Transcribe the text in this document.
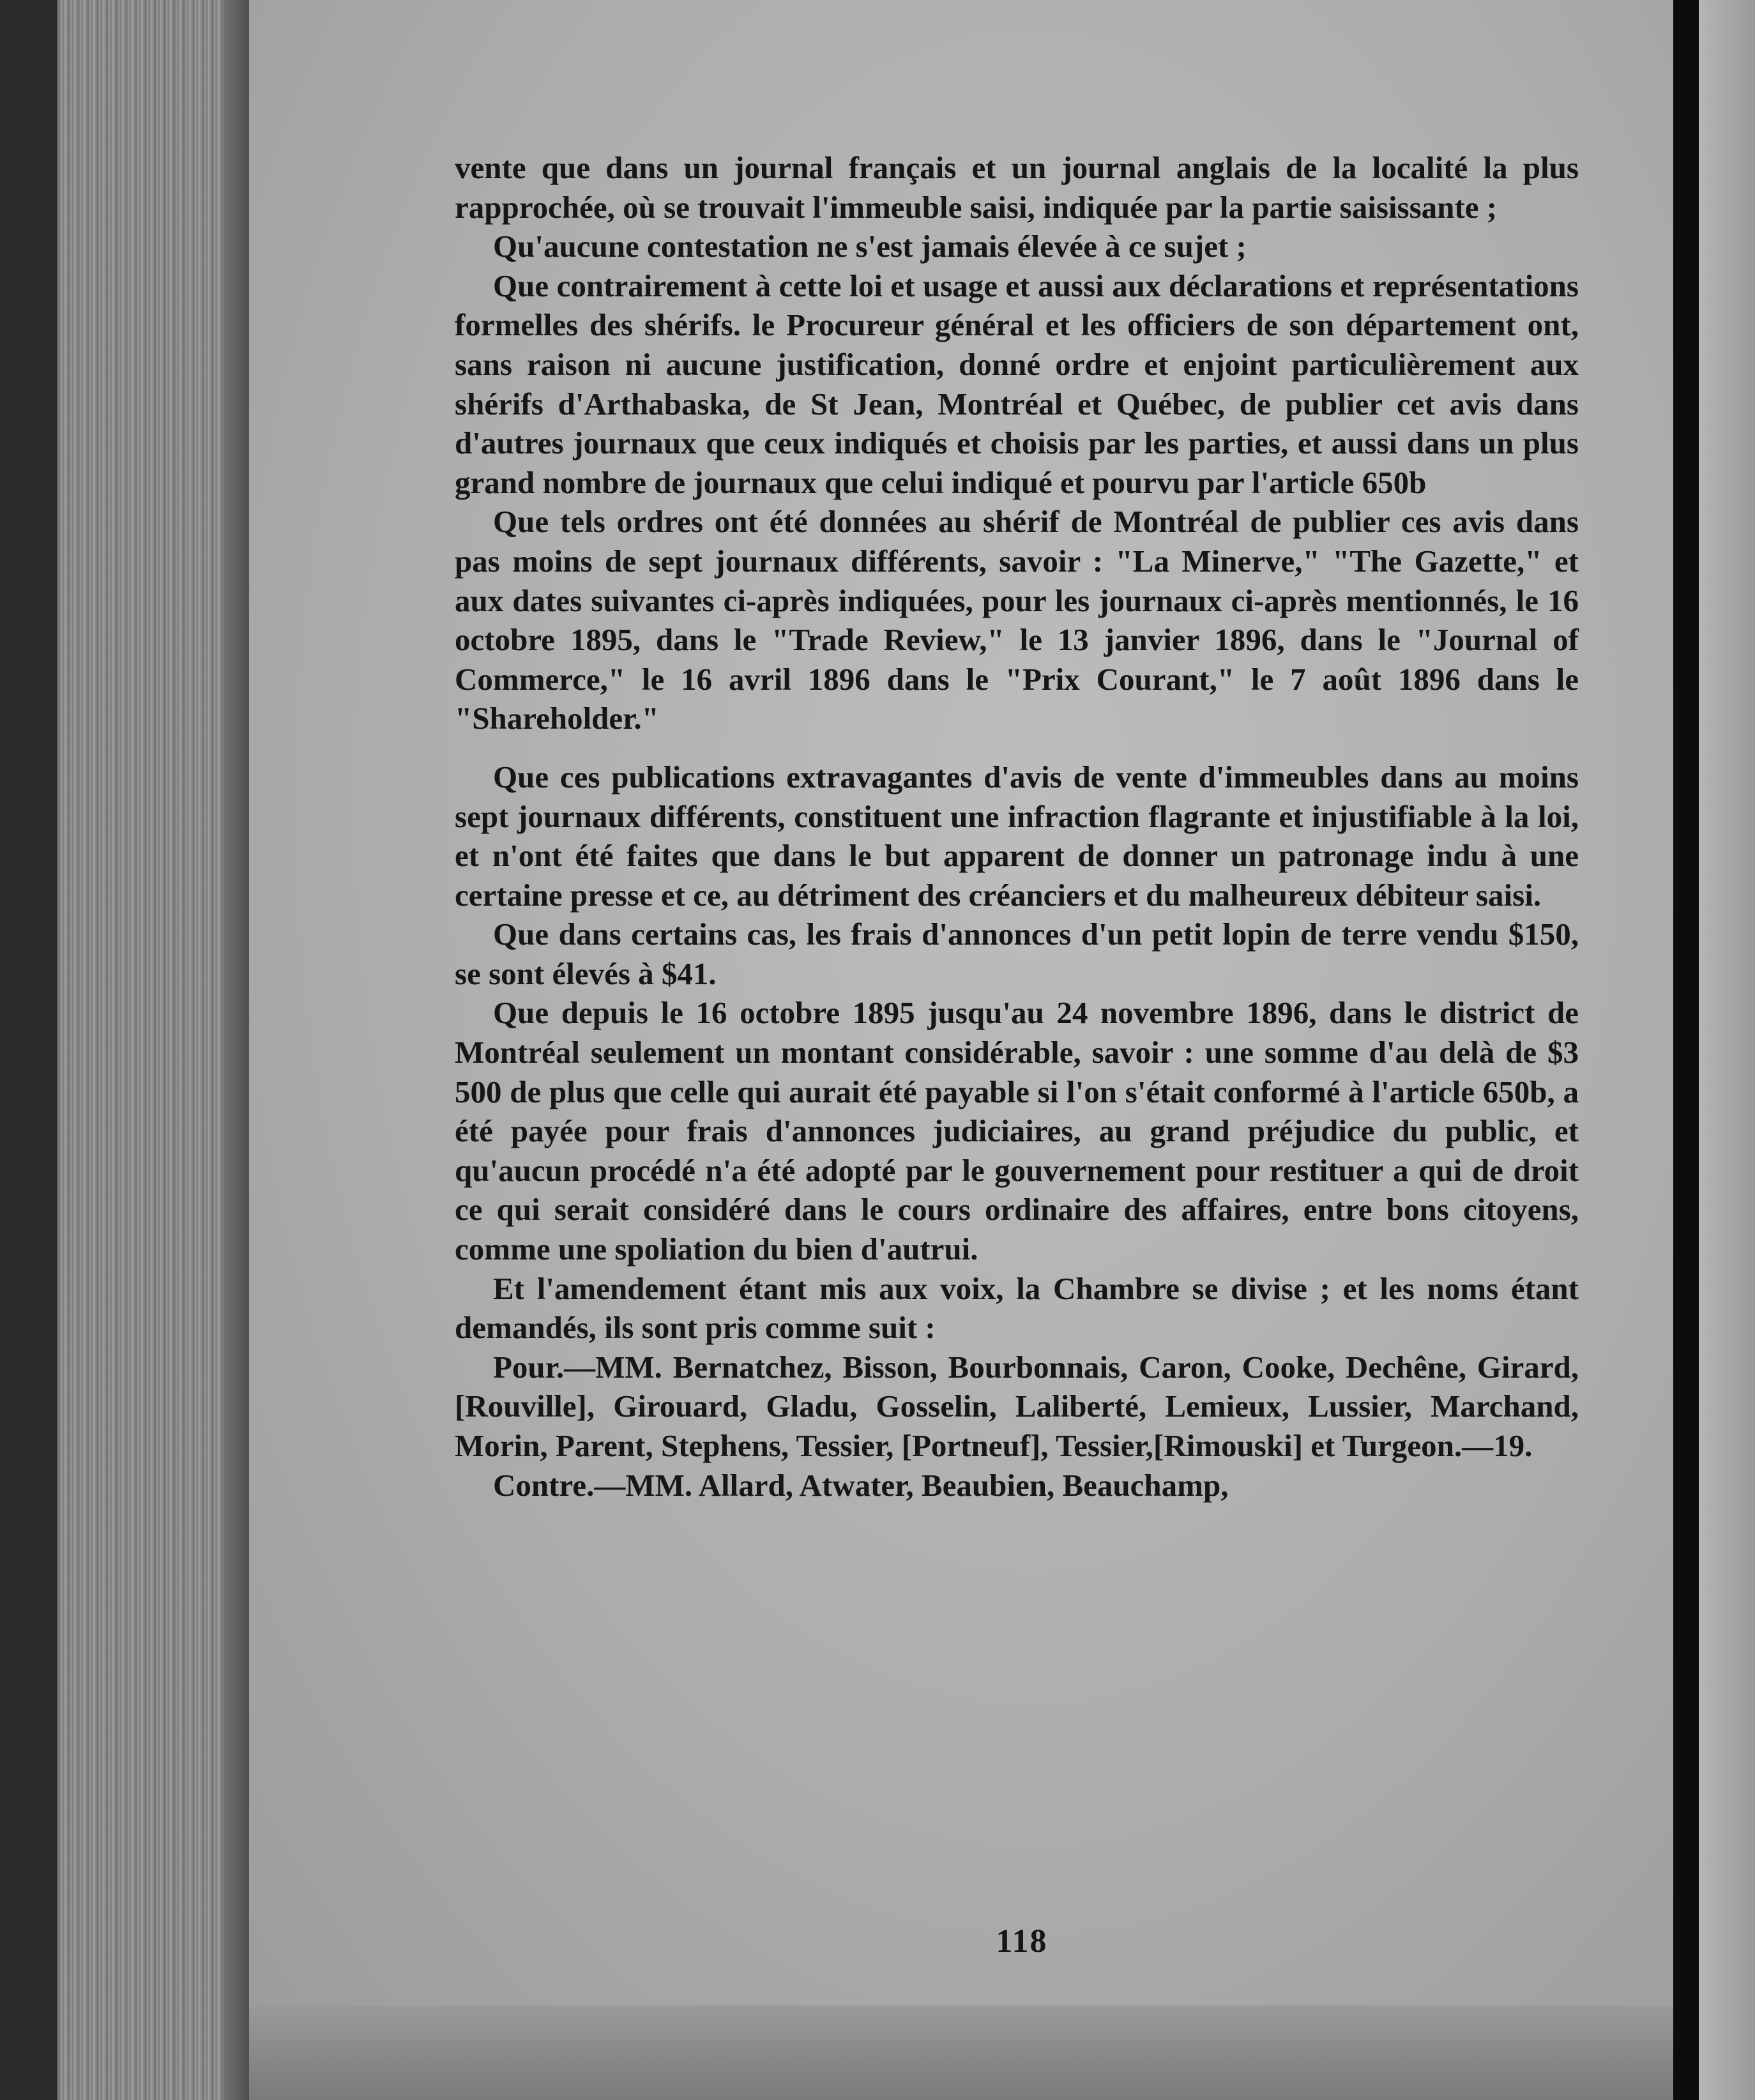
vente que dans un journal français et un journal anglais de la localité la plus rapprochée, où se trouvait l'immeuble saisi, indiquée par la partie saisissante ;

Qu'aucune contestation ne s'est jamais élevée à ce sujet ;

Que contrairement à cette loi et usage et aussi aux déclarations et représentations formelles des shérifs. le Procureur général et les officiers de son département ont, sans raison ni aucune justification, donné ordre et enjoint particulièrement aux shérifs d'Arthabaska, de St Jean, Montréal et Québec, de publier cet avis dans d'autres journaux que ceux indiqués et choisis par les parties, et aussi dans un plus grand nombre de journaux que celui indiqué et pourvu par l'article 650b

Que tels ordres ont été données au shérif de Montréal de publier ces avis dans pas moins de sept journaux différents, savoir : "La Minerve," "The Gazette," et aux dates suivantes ci-après indiquées, pour les journaux ci-après mentionnés, le 16 octobre 1895, dans le "Trade Review," le 13 janvier 1896, dans le "Journal of Commerce," le 16 avril 1896 dans le "Prix Courant," le 7 août 1896 dans le "Shareholder."

Que ces publications extravagantes d'avis de vente d'immeubles dans au moins sept journaux différents, constituent une infraction flagrante et injustifiable à la loi, et n'ont été faites que dans le but apparent de donner un patronage indu à une certaine presse et ce, au détriment des créanciers et du malheureux débiteur saisi.

Que dans certains cas, les frais d'annonces d'un petit lopin de terre vendu $150, se sont élevés à $41.

Que depuis le 16 octobre 1895 jusqu'au 24 novembre 1896, dans le district de Montréal seulement un montant considérable, savoir : une somme d'au delà de $3 500 de plus que celle qui aurait été payable si l'on s'était conformé à l'article 650b, a été payée pour frais d'annonces judiciaires, au grand préjudice du public, et qu'aucun procédé n'a été adopté par le gouvernement pour restituer a qui de droit ce qui serait considéré dans le cours ordinaire des affaires, entre bons citoyens, comme une spoliation du bien d'autrui.

Et l'amendement étant mis aux voix, la Chambre se divise ; et les noms étant demandés, ils sont pris comme suit :

Pour.—MM. Bernatchez, Bisson, Bourbonnais, Caron, Cooke, Dechêne, Girard, [Rouville], Girouard, Gladu, Gosselin, Laliberté, Lemieux, Lussier, Marchand, Morin, Parent, Stephens, Tessier, [Portneuf], Tessier,[Rimouski] et Turgeon.—19.

Contre.—MM. Allard, Atwater, Beaubien, Beauchamp,

118
